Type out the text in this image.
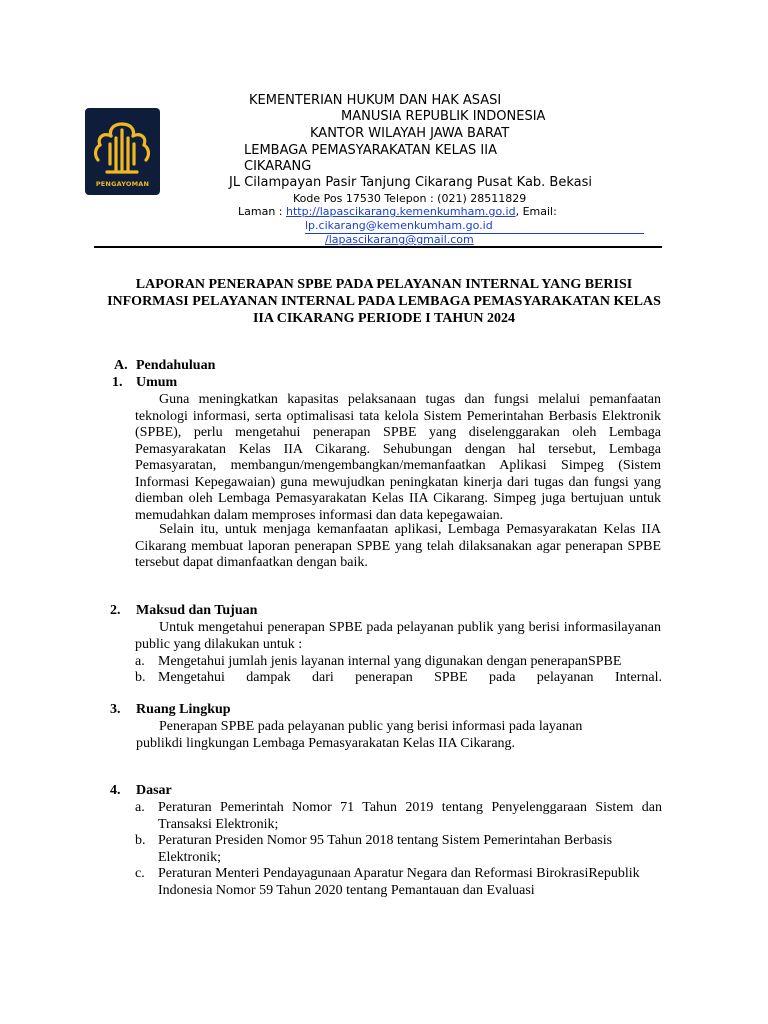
PENGAYOMAN
KEMENTERIAN HUKUM DAN HAK ASASI
MANUSIA REPUBLIK INDONESIA
KANTOR WILAYAH JAWA BARAT
LEMBAGA PEMASYARAKATAN KELAS IIA
CIKARANG
JL Cilampayan Pasir Tanjung Cikarang Pusat Kab. Bekasi
Kode Pos 17530 Telepon : (021) 28511829
Laman : http://lapascikarang.kemenkumham.go.id, Email:
lp.cikarang@kemenkumham.go.id
/lapascikarang@gmail.com
LAPORAN PENERAPAN SPBE PADA PELAYANAN INTERNAL YANG BERISI INFORMASI PELAYANAN INTERNAL PADA LEMBAGA PEMASYARAKATAN KELAS IIA CIKARANG PERIODE I TAHUN 2024
A. Pendahuluan
1. Umum
Guna meningkatkan kapasitas pelaksanaan tugas dan fungsi melalui pemanfaatan teknologi informasi, serta optimalisasi tata kelola Sistem Pemerintahan Berbasis Elektronik (SPBE), perlu mengetahui penerapan SPBE yang diselenggarakan oleh Lembaga Pemasyarakatan Kelas IIA Cikarang. Sehubungan dengan hal tersebut, Lembaga Pemasyaratan, membangun/mengembangkan/memanfaatkan Aplikasi Simpeg (Sistem Informasi Kepegawaian) guna mewujudkan peningkatan kinerja dari tugas dan fungsi yang diemban oleh Lembaga Pemasyarakatan Kelas IIA Cikarang. Simpeg juga bertujuan untuk memudahkan dalam memproses informasi dan data kepegawaian.
Selain itu, untuk menjaga kemanfaatan aplikasi, Lembaga Pemasyarakatan Kelas IIA Cikarang membuat laporan penerapan SPBE yang telah dilaksanakan agar penerapan SPBE tersebut dapat dimanfaatkan dengan baik.
2. Maksud dan Tujuan
Untuk mengetahui penerapan SPBE pada pelayanan publik yang berisi informasilayanan public yang dilakukan untuk :
a. Mengetahui jumlah jenis layanan internal yang digunakan dengan penerapanSPBE
b. Mengetahui dampak dari penerapan SPBE pada pelayanan Internal.
3. Ruang Lingkup
Penerapan SPBE pada pelayanan public yang berisi informasi pada layanan
publikdi lingkungan Lembaga Pemasyarakatan Kelas IIA Cikarang.
4. Dasar
a. Peraturan Pemerintah Nomor 71 Tahun 2019 tentang Penyelenggaraan Sistem dan Transaksi Elektronik;
b. Peraturan Presiden Nomor 95 Tahun 2018 tentang Sistem Pemerintahan Berbasis Elektronik;
c. Peraturan Menteri Pendayagunaan Aparatur Negara dan Reformasi BirokrasiRepublik Indonesia Nomor 59 Tahun 2020 tentang Pemantauan dan Evaluasi
